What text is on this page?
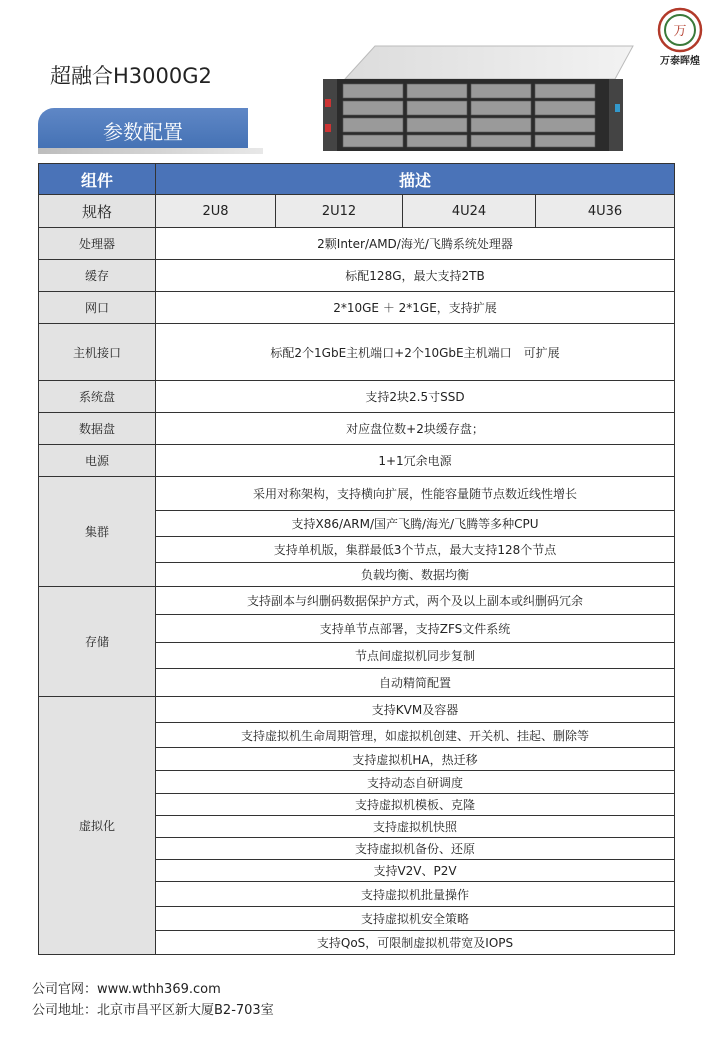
超融合H3000G2
参数配置
万
万泰晖煌
组件	描述			
规格	2U8	2U12	4U24	4U36
处理器	2颗Inter/AMD/海光/飞腾系统处理器			
缓存	标配128G，最大支持2TB			
网口	2*10GE ＋ 2*1GE，支持扩展			
主机接口	标配2个1GbE主机端口+2个10GbE主机端口　可扩展			
系统盘	支持2块2.5寸SSD			
数据盘	对应盘位数+2块缓存盘；			
电源	1+1冗余电源			
集群	采用对称架构，支持横向扩展，性能容量随节点数近线性增长			
	支持X86/ARM/国产飞腾/海光/飞腾等多种CPU			
	支持单机版，集群最低3个节点，最大支持128个节点			
	负载均衡、数据均衡			
存储	支持副本与纠删码数据保护方式，两个及以上副本或纠删码冗余			
	支持单节点部署，支持ZFS文件系统			
	节点间虚拟机同步复制			
	自动精简配置			
虚拟化	支持KVM及容器			
	支持虚拟机生命周期管理，如虚拟机创建、开关机、挂起、删除等			
	支持虚拟机HA，热迁移			
	支持动态自研调度			
	支持虚拟机模板、克隆			
	支持虚拟机快照			
	支持虚拟机备份、还原			
	支持V2V、P2V			
	支持虚拟机批量操作			
	支持虚拟机安全策略			
	支持QoS，可限制虚拟机带宽及IOPS			
公司官网：www.wthh369.com
公司地址：北京市昌平区新大厦B2-703室
